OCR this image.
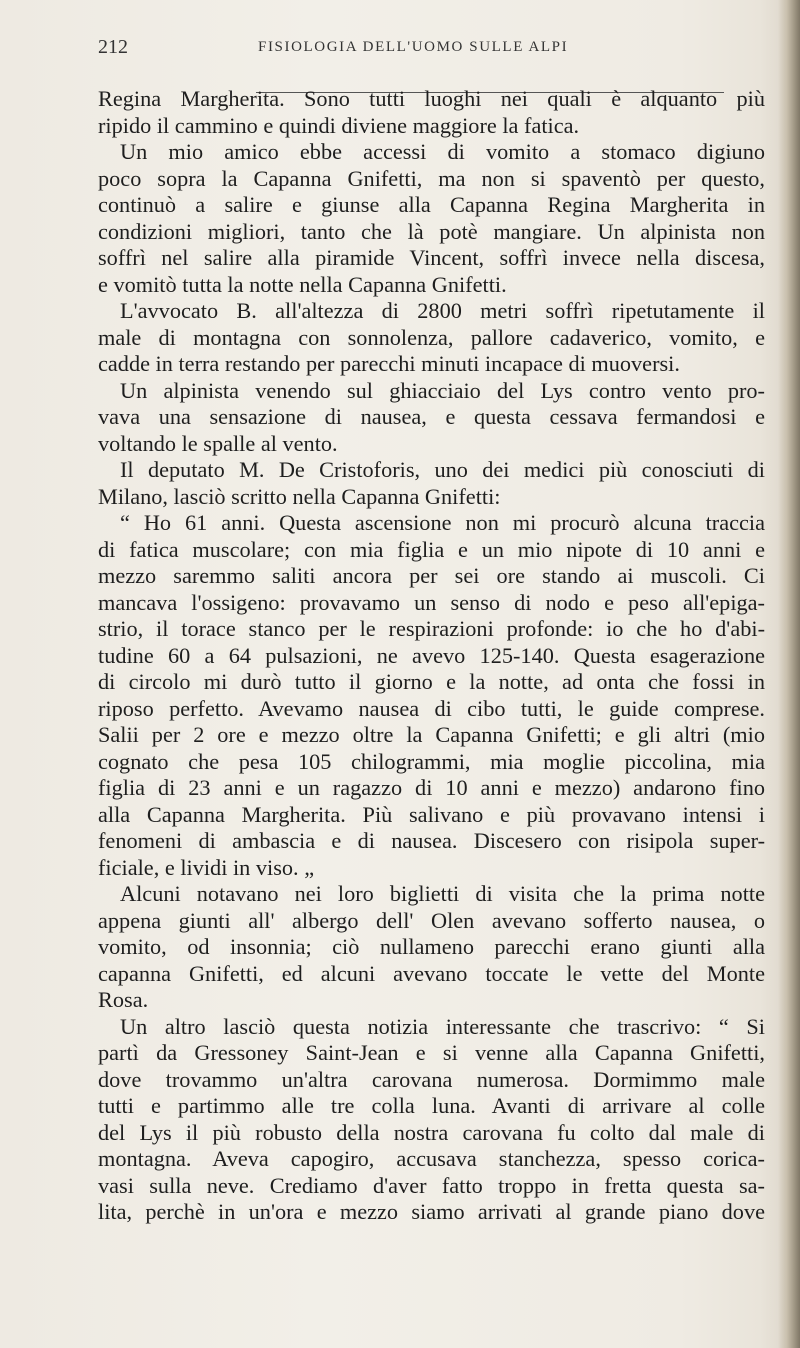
212	FISIOLOGIA DELL'UOMO SULLE ALPI

Regina Margherita. Sono tutti luoghi nei quali è alquanto più
ripido il cammino e quindi diviene maggiore la fatica.

Un mio amico ebbe accessi di vomito a stomaco digiuno
poco sopra la Capanna Gnifetti, ma non si spaventò per questo,
continuò a salire e giunse alla Capanna Regina Margherita in
condizioni migliori, tanto che là potè mangiare. Un alpinista non
soffrì nel salire alla piramide Vincent, soffrì invece nella discesa,
e vomitò tutta la notte nella Capanna Gnifetti.

L'avvocato B. all'altezza di 2800 metri soffrì ripetutamente il
male di montagna con sonnolenza, pallore cadaverico, vomito, e
cadde in terra restando per parecchi minuti incapace di muoversi.

Un alpinista venendo sul ghiacciaio del Lys contro vento pro-
vava una sensazione di nausea, e questa cessava fermandosi e
voltando le spalle al vento.

Il deputato M. De Cristoforis, uno dei medici più conosciuti di
Milano, lasciò scritto nella Capanna Gnifetti:

“ Ho 61 anni. Questa ascensione non mi procurò alcuna traccia
di fatica muscolare; con mia figlia e un mio nipote di 10 anni e
mezzo saremmo saliti ancora per sei ore stando ai muscoli. Ci
mancava l'ossigeno: provavamo un senso di nodo e peso all'epiga-
strio, il torace stanco per le respirazioni profonde: io che ho d'abi-
tudine 60 a 64 pulsazioni, ne avevo 125-140. Questa esagerazione
di circolo mi durò tutto il giorno e la notte, ad onta che fossi in
riposo perfetto. Avevamo nausea di cibo tutti, le guide comprese.
Salii per 2 ore e mezzo oltre la Capanna Gnifetti; e gli altri (mio
cognato che pesa 105 chilogrammi, mia moglie piccolina, mia
figlia di 23 anni e un ragazzo di 10 anni e mezzo) andarono fino
alla Capanna Margherita. Più salivano e più provavano intensi i
fenomeni di ambascia e di nausea. Discesero con risipola super-
ficiale, e lividi in viso. „

Alcuni notavano nei loro biglietti di visita che la prima notte
appena giunti all' albergo dell' Olen avevano sofferto nausea, o
vomito, od insonnia; ciò nullameno parecchi erano giunti alla
capanna Gnifetti, ed alcuni avevano toccate le vette del Monte
Rosa.

Un altro lasciò questa notizia interessante che trascrivo: “ Si
partì da Gressoney Saint-Jean e si venne alla Capanna Gnifetti,
dove trovammo un'altra carovana numerosa. Dormimmo male
tutti e partimmo alle tre colla luna. Avanti di arrivare al colle
del Lys il più robusto della nostra carovana fu colto dal male di
montagna. Aveva capogiro, accusava stanchezza, spesso corica-
vasi sulla neve. Crediamo d'aver fatto troppo in fretta questa sa-
lita, perchè in un'ora e mezzo siamo arrivati al grande piano dove
